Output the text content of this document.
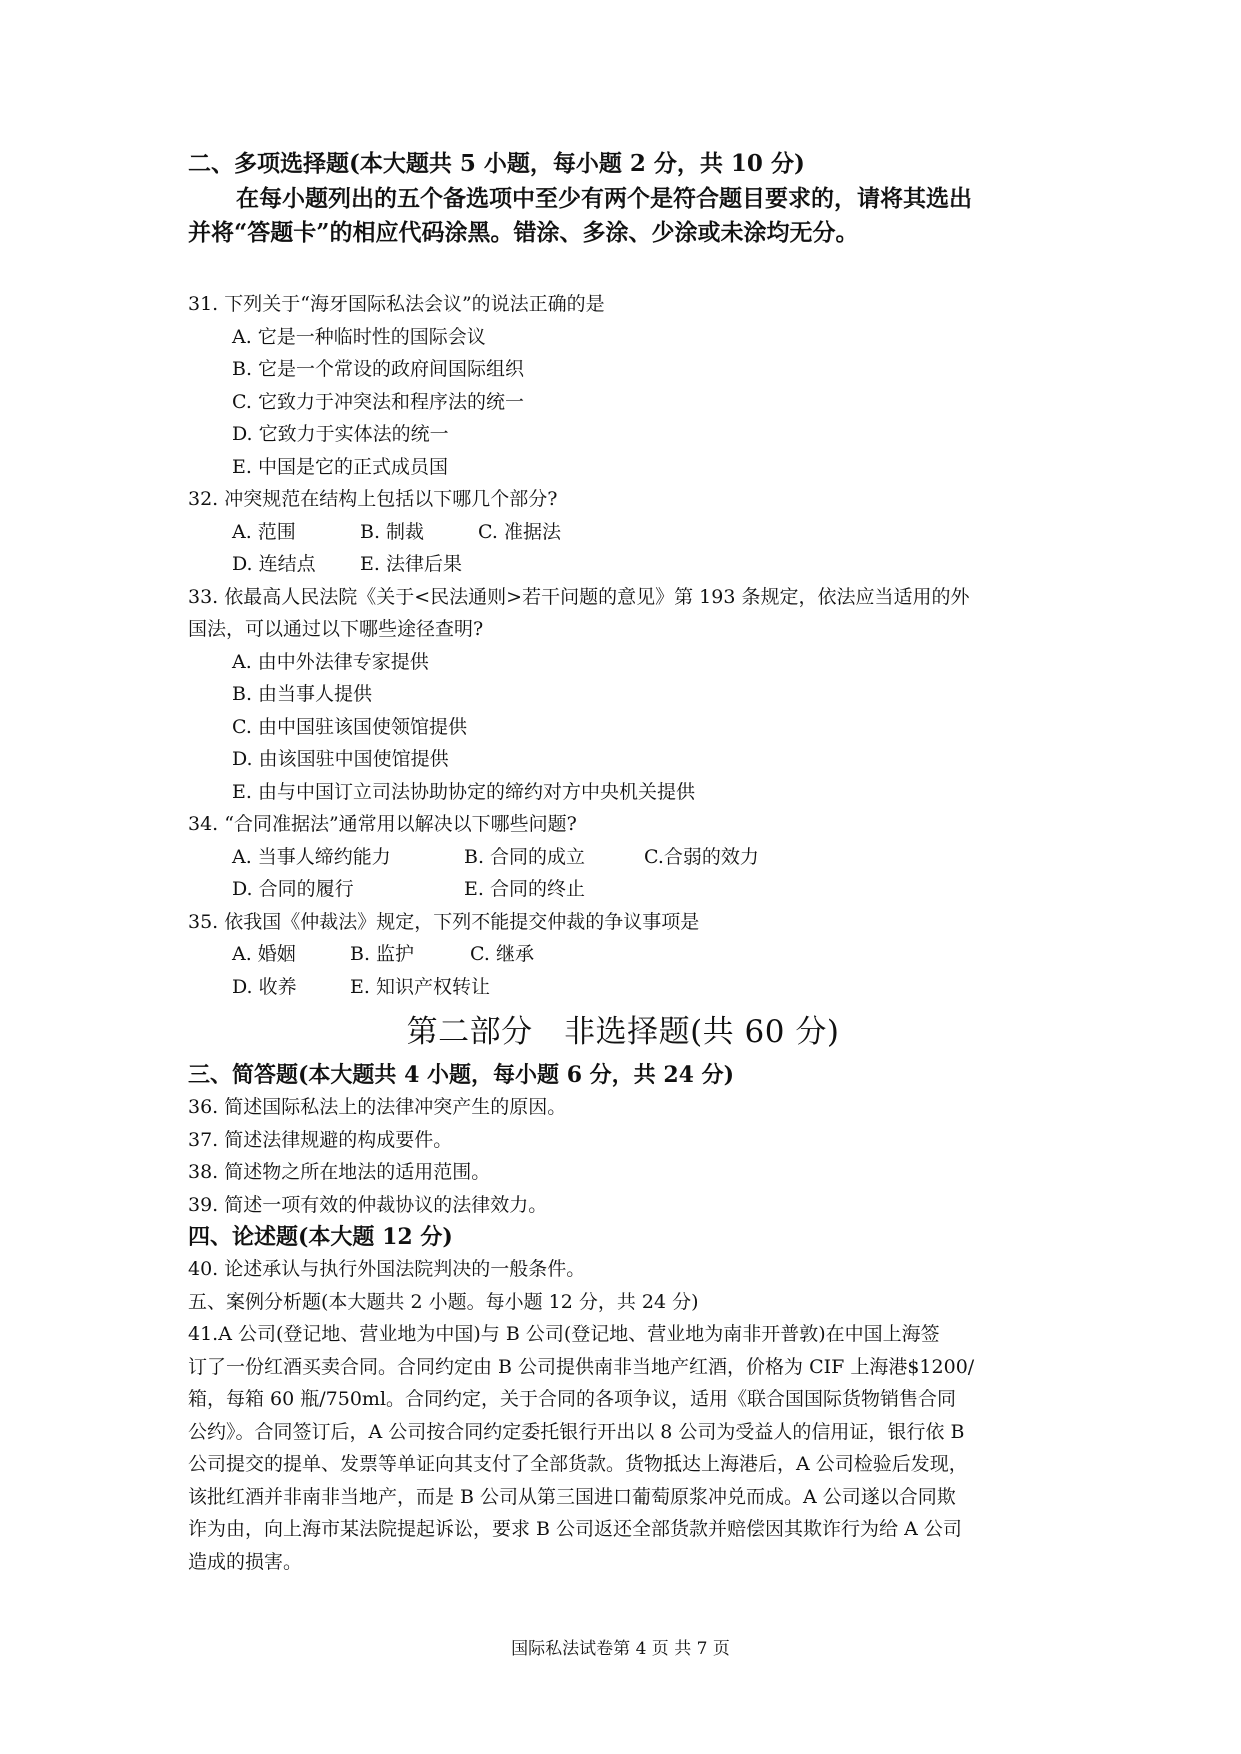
二、多项选择题(本大题共 5 小题，每小题 2 分，共 10 分)
在每小题列出的五个备选项中至少有两个是符合题目要求的，请将其选出
并将“答题卡”的相应代码涂黑。错涂、多涂、少涂或未涂均无分。
31. 下列关于“海牙国际私法会议”的说法正确的是
A. 它是一种临时性的国际会议
B. 它是一个常设的政府间国际组织
C. 它致力于冲突法和程序法的统一
D. 它致力于实体法的统一
E. 中国是它的正式成员国
32. 冲突规范在结构上包括以下哪几个部分?
A. 范围	B. 制裁	C. 准据法
D. 连结点 E. 法律后果
33. 依最高人民法院《关于<民法通则>若干问题的意见》第 193 条规定，依法应当适用的外
国法，可以通过以下哪些途径查明?
A. 由中外法律专家提供
B. 由当事人提供
C. 由中国驻该国使领馆提供
D. 由该国驻中国使馆提供
E. 由与中国订立司法协助协定的缔约对方中央机关提供
34. “合同准据法”通常用以解决以下哪些问题?
A. 当事人缔约能力	B. 合同的成立	C.合弱的效力
D. 合同的履行	E. 合同的终止
35. 依我国《仲裁法》规定，下列不能提交仲裁的争议事项是
A. 婚姻	B. 监护	C. 继承
D. 收养	E. 知识产权转让
第二部分　非选择题(共 60 分)
三、简答题(本大题共 4 小题，每小题 6 分，共 24 分)
36. 简述国际私法上的法律冲突产生的原因。
37. 简述法律规避的构成要件。
38. 简述物之所在地法的适用范围。
39. 简述一项有效的仲裁协议的法律效力。
四、论述题(本大题 12 分)
40. 论述承认与执行外国法院判决的一般条件。
五、案例分析题(本大题共 2 小题。每小题 12 分，共 24 分)
41.A 公司(登记地、营业地为中国)与 B 公司(登记地、营业地为南非开普敦)在中国上海签
订了一份红酒买卖合同。合同约定由 B 公司提供南非当地产红酒，价格为 CIF 上海港$1200/
箱，每箱 60 瓶/750ml。合同约定，关于合同的各项争议，适用《联合国国际货物销售合同
公约》。合同签订后，A 公司按合同约定委托银行开出以 8 公司为受益人的信用证，银行依 B
公司提交的提单、发票等单证向其支付了全部货款。货物抵达上海港后，A 公司检验后发现，
该批红酒并非南非当地产，而是 B 公司从第三国进口葡萄原浆冲兑而成。A 公司遂以合同欺
诈为由，向上海市某法院提起诉讼，要求 B 公司返还全部货款并赔偿因其欺诈行为给 A 公司
造成的损害。
国际私法试卷第 4 页 共 7 页
